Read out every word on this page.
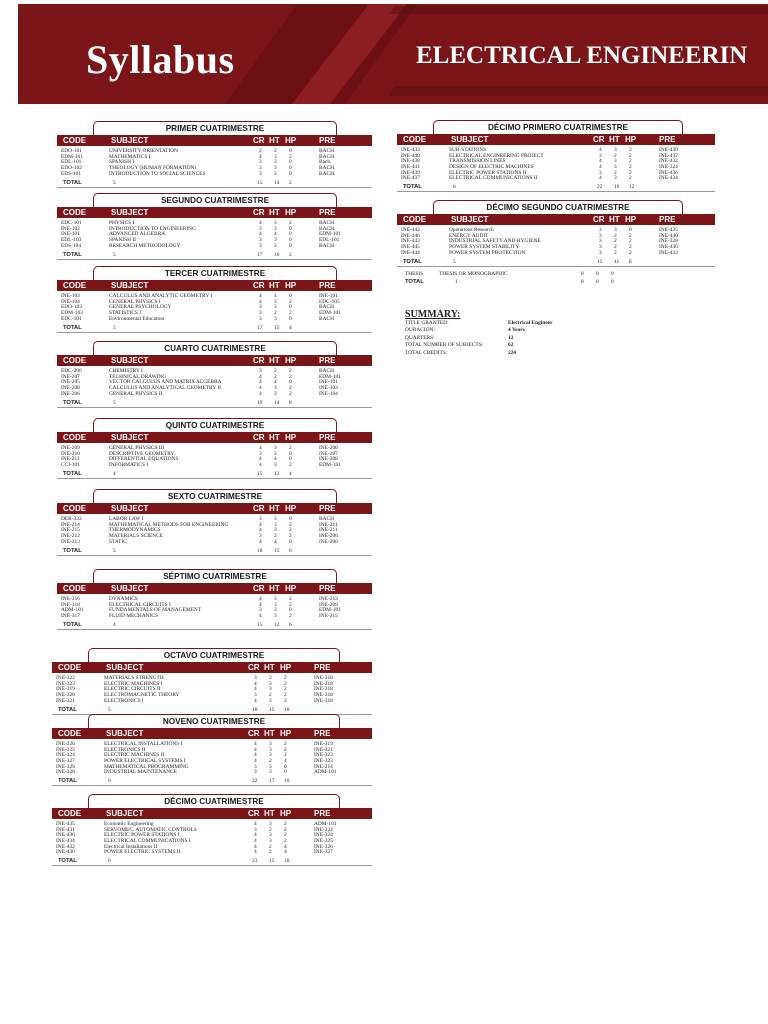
Syllabus	ELECTRICAL ENGINEERIN
PRIMER CUATRIMESTRE
CODE	SUBJECT	CR HT HP	PRE
EDO-101	UNIVERSITY ORIENTATION	2 2 0	BACH.
EDM-101	MATHEMATICS I	4 3 2	BACH.
EDL-101	SPANISH I	3 3 0	Bach.
EDO-102	THEOLOGY (HUMAN FORMATION)	3 3 0	BACH.
EDS-101	INTRODUCTION TO SOCIAL SCIENCES	3 3 0	BACH.
TOTAL	5	15 14 2
SEGUNDO CUATRIMESTRE
CODE	SUBJECT	CR HT HP	PRE
EDC-101	PHYSICS I	4 3 2	BACH.
INE-102	INTRODUCTION TO ENGINEERING	3 3 0	BACH.
INE-101	ADVANCED ALGEBRA	4 4 0	EDM-101
EDL-103	SPANISH II	3 3 0	EDL-101
EDS-104	RESEARCH METHODOLOGY	3 3 0	BACH.
TOTAL	5	17 16 2
TERCER CUATRIMESTRE
CODE	SUBJECT	CR HT HP	PRE
INE-103	CALCULUS AND ANALYTIC GEOMETRY I	4 4 0	INE-101
INE-104	GENERAL PHYSICS I	4 3 2	EDC-105
EDO-103	GENERAL PSYCHOLOGY	3 3 0	BACH
EDM-103	STATISTICS I	3 2 2	EDM-101
EDC-101	Environmental Education	3 3 0	BACH
TOTAL	5	17 15 4
CUARTO CUATRIMESTRE
CODE	SUBJECT	CR HT HP	PRE
EDC-206	CHEMISTRY I	3 2 2	BACH
INE-207	TECHNICAL DRAWING	4 2 2	EDM-101
INE-205	VECTOR CALCULUS AND MATRIX ALGEBRA	4 4 0	INE-101
INE-208	CALCULUS AND ANALYTICAL GEOMETRY II	4 3 2	INE-103
INE-206	GENERAL PHYSICS II	4 3 2	INE-104
TOTAL	5	19 14 8
QUINTO CUATRIMESTRE
CODE	SUBJECT	CR HT HP	PRE
INE-209	GENERAL PHYSICS III	4 3 2	INE-206
INE-210	DESCRIPTIVE GEOMETRY	3 3 0	INE-207
INE-211	DIFFERENTIAL EQUATIONS	4 4 0	INE-208
CCI-101	INFORMATICS I	4 3 2	EDM-101
TOTAL	4	15 13 4
SEXTO CUATRIMESTRE
CODE	SUBJECT	CR HT HP	PRE
DER-333	LABOR LAW I	3 3 0	BACH
INE-214	MATHEMATICAL METHODS FOR ENGINEERING	4 3 2	INE-211
INE-215	THERMODYNAMICS	4 3 2	INE-211
INE-212	MATERIALS SCIENCE	3 2 2	INE-206
INE-213	STATIC	4 4 0	INE-206
TOTAL	5	18 15 6
SÉPTIMO CUATRIMESTRE
CODE	SUBJECT	CR HT HP	PRE
INE-316	DYNAMICS	4 3 2	INE-213
INE-318	ELECTRICAL CIRCUITS I	4 3 2	INE-209
ADM-101	FUNDAMENTALS OF MANAGEMENT	3 3 0	EDM-101
INE-317	FLUID MECHANICS	4 3 2	INE-215
TOTAL	4	15 12 6
OCTAVO CUATRIMESTRE
CODE	SUBJECT	CR HT HP	PRE
INE-322	MATERIALS STRENGTH	3 2 2	INE-316
INE-323	ELECTRIC MACHINES I	4 3 2	INE-318
INE-319	ELECTRIC CIRCUITS II	4 3 2	INE-318
INE-320	ELECTROMAGNETIC THEORY	3 2 2	INE-318
INE-321	ELECTRONICS I	4 3 2	INE-318
TOTAL	5	18 15 10
NOVENO CUATRIMESTRE
CODE	SUBJECT	CR HT HP	PRE
INE-326	ELECTRICAL INSTALLATIONS I	4 3 2	INE-319
INE-325	ELECTRONICS II	4 3 2	INE-321
INE-324	ELECTRIC MACHINES II	4 3 2	INE-323
INE-327	POWER ELECTRICAL SYSTEMS I	4 2 4	INE-323
INE-329	MATHEMATICAL PROGRAMMING	3 3 0	INE-214
INE-328	INDUSTRIAL MAINTENANCE	3 3 0	ADM-101
TOTAL	6	22 17 10
DÉCIMO CUATRIMESTRE
CODE	SUBJECT	CR HT HP	PRE
INE-435	Economic Engineering	4 3 2	ADM-101
INE-431	SERVOMEC. AUTOMATIC CONTROLS	3 2 2	INE-324
INE-436	ELECTRIC POWER STATIONS I	4 3 2	INE-324
INE-434	ELECTRICAL COMMUNICATIONS I	4 3 2	INE-325
INE-432	Electrical Installations II	4 2 4	INE-326
INE-430	POWER ELECTRIC SYSTEMS II	4 2 4	INE-327
TOTAL	6	23 15 16
DÉCIMO PRIMERO CUATRIMESTRE
CODE	SUBJECT	CR HT HP	PRE
INE-433	SUB-STATIONS	4 3 2	INE-430
INE-440	ELECTRICAL ENGINEERING PROJECT	3 2 2	INE-432
INE-438	TRANSMISSION LINES	4 3 2	INE-432
INE-441	DESIGN OF ELECTRIC MACHINES	4 3 2	INE-324
INE-439	ELECTRIC POWER STATIONS II	3 2 2	INE-436
INE-437	ELECTRICAL COMMUNICATIONS II	4 3 2	INE-434
TOTAL	6	22 16 12
DÉCIMO SEGUNDO CUATRIMESTRE
CODE	SUBJECT	CR HT HP	PRE
INE-442	Operations Research	3 3 0	INE-435
INE-446	ENERGY AUDIT	3 2 2	INE-440
INE-443	INDUSTRIAL SAFETY AND HYGIENE	3 2 2	INE-328
INE-445	POWER SYSTEM STABILITY	3 2 2	INE-430
INE-444	POWER SYSTEM PROTECTION	3 2 2	INE-433
TOTAL	5	15 11 8
THESIS	THESIS OR MONOGRAPHIC	8 0 0
TOTAL	1	8 0 0
SUMMARY:
TITLE GRANTED:	Electrical Engineer
DURACIÓN:	4 Years
QUARTERS:	12
TOTAL NUMBER OF SUBJECTS:	62
TOTAL CREDITS:	224
